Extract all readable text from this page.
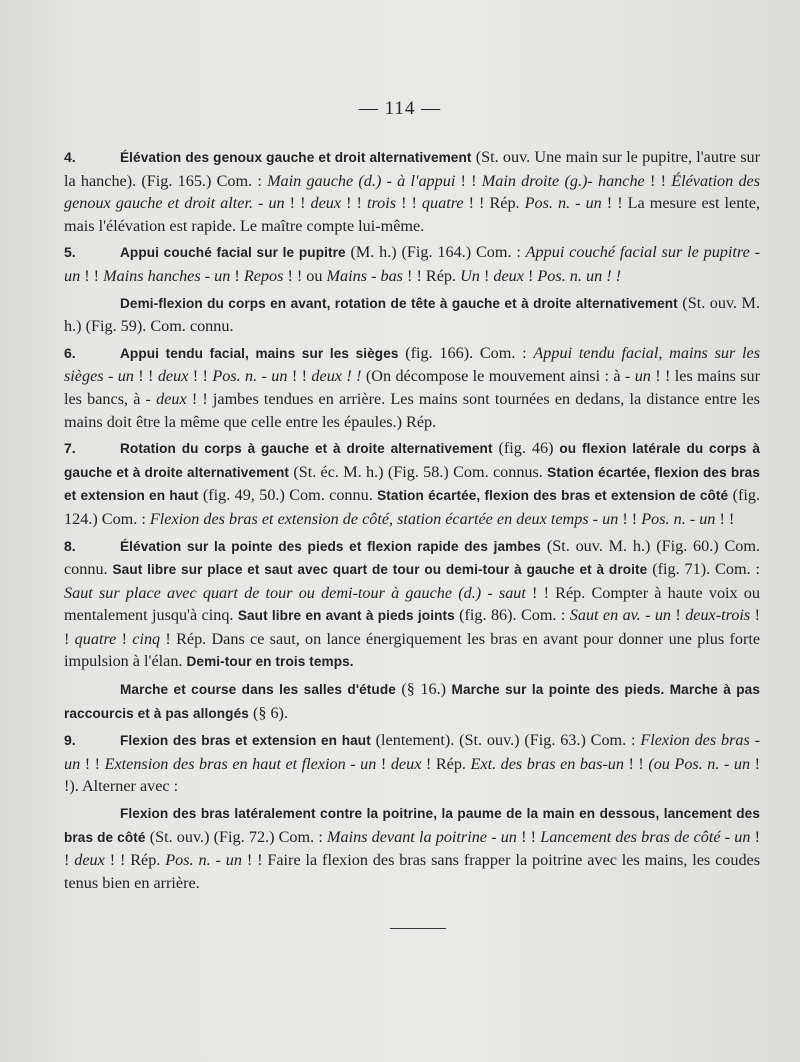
— 114 —

4.	Élévation des genoux gauche et droit alternativement (St. ouv. Une main sur le pupitre, l'autre sur la hanche). (Fig. 165.) Com. : Main gauche (d.) - à l'appui ! ! Main droite (g.)- hanche ! ! Élévation des genoux gauche et droit alter. - un ! ! deux ! ! trois ! ! quatre ! ! Rép. Pos. n. - un ! ! La mesure est lente, mais l'élévation est rapide. Le maître compte lui-même.

5.	Appui couché facial sur le pupitre (M. h.) (Fig. 164.) Com. : Appui couché facial sur le pupitre - un ! ! Mains hanches - un ! Repos ! ! ou Mains - bas ! ! Rép. Un ! deux ! Pos. n. un ! !

Demi-flexion du corps en avant, rotation de tête à gauche et à droite alternativement (St. ouv. M. h.) (Fig. 59). Com. connu.

6.	Appui tendu facial, mains sur les sièges (fig. 166). Com. : Appui tendu facial, mains sur les sièges - un ! ! deux ! ! Pos. n. - un ! ! deux ! ! (On décompose le mouvement ainsi : à - un ! ! les mains sur les bancs, à - deux ! ! jambes tendues en arrière. Les mains sont tournées en dedans, la distance entre les mains doit être la même que celle entre les épaules.) Rép.

7.	Rotation du corps à gauche et à droite alternativement (fig. 46) ou flexion latérale du corps à gauche et à droite alternativement (St. éc. M. h.) (Fig. 58.) Com. connus. Station écartée, flexion des bras et extension en haut (fig. 49, 50.) Com. connu. Station écartée, flexion des bras et extension de côté (fig. 124.) Com. : Flexion des bras et extension de côté, station écartée en deux temps - un ! ! Pos. n. - un ! !

8.	Élévation sur la pointe des pieds et flexion rapide des jambes (St. ouv. M. h.) (Fig. 60.) Com. connu. Saut libre sur place et saut avec quart de tour ou demi-tour à gauche et à droite (fig. 71). Com. : Saut sur place avec quart de tour ou demi-tour à gauche (d.) - saut ! ! Rép. Compter à haute voix ou mentalement jusqu'à cinq. Saut libre en avant à pieds joints (fig. 86). Com. : Saut en av. - un ! deux-trois ! ! quatre ! cinq ! Rép. Dans ce saut, on lance énergiquement les bras en avant pour donner une plus forte impulsion à l'élan. Demi-tour en trois temps.

Marche et course dans les salles d'étude (§ 16.) Marche sur la pointe des pieds. Marche à pas raccourcis et à pas allongés (§ 6).

9.	Flexion des bras et extension en haut (lentement). (St. ouv.) (Fig. 63.) Com. : Flexion des bras - un ! ! Extension des bras en haut et flexion - un ! deux ! Rép. Ext. des bras en bas-un ! ! (ou Pos. n. - un ! !). Alterner avec :

Flexion des bras latéralement contre la poitrine, la paume de la main en dessous, lancement des bras de côté (St. ouv.) (Fig. 72.) Com. : Mains devant la poitrine - un ! ! Lancement des bras de côté - un ! ! deux ! ! Rép. Pos. n. - un ! ! Faire la flexion des bras sans frapper la poitrine avec les mains, les coudes tenus bien en arrière.
